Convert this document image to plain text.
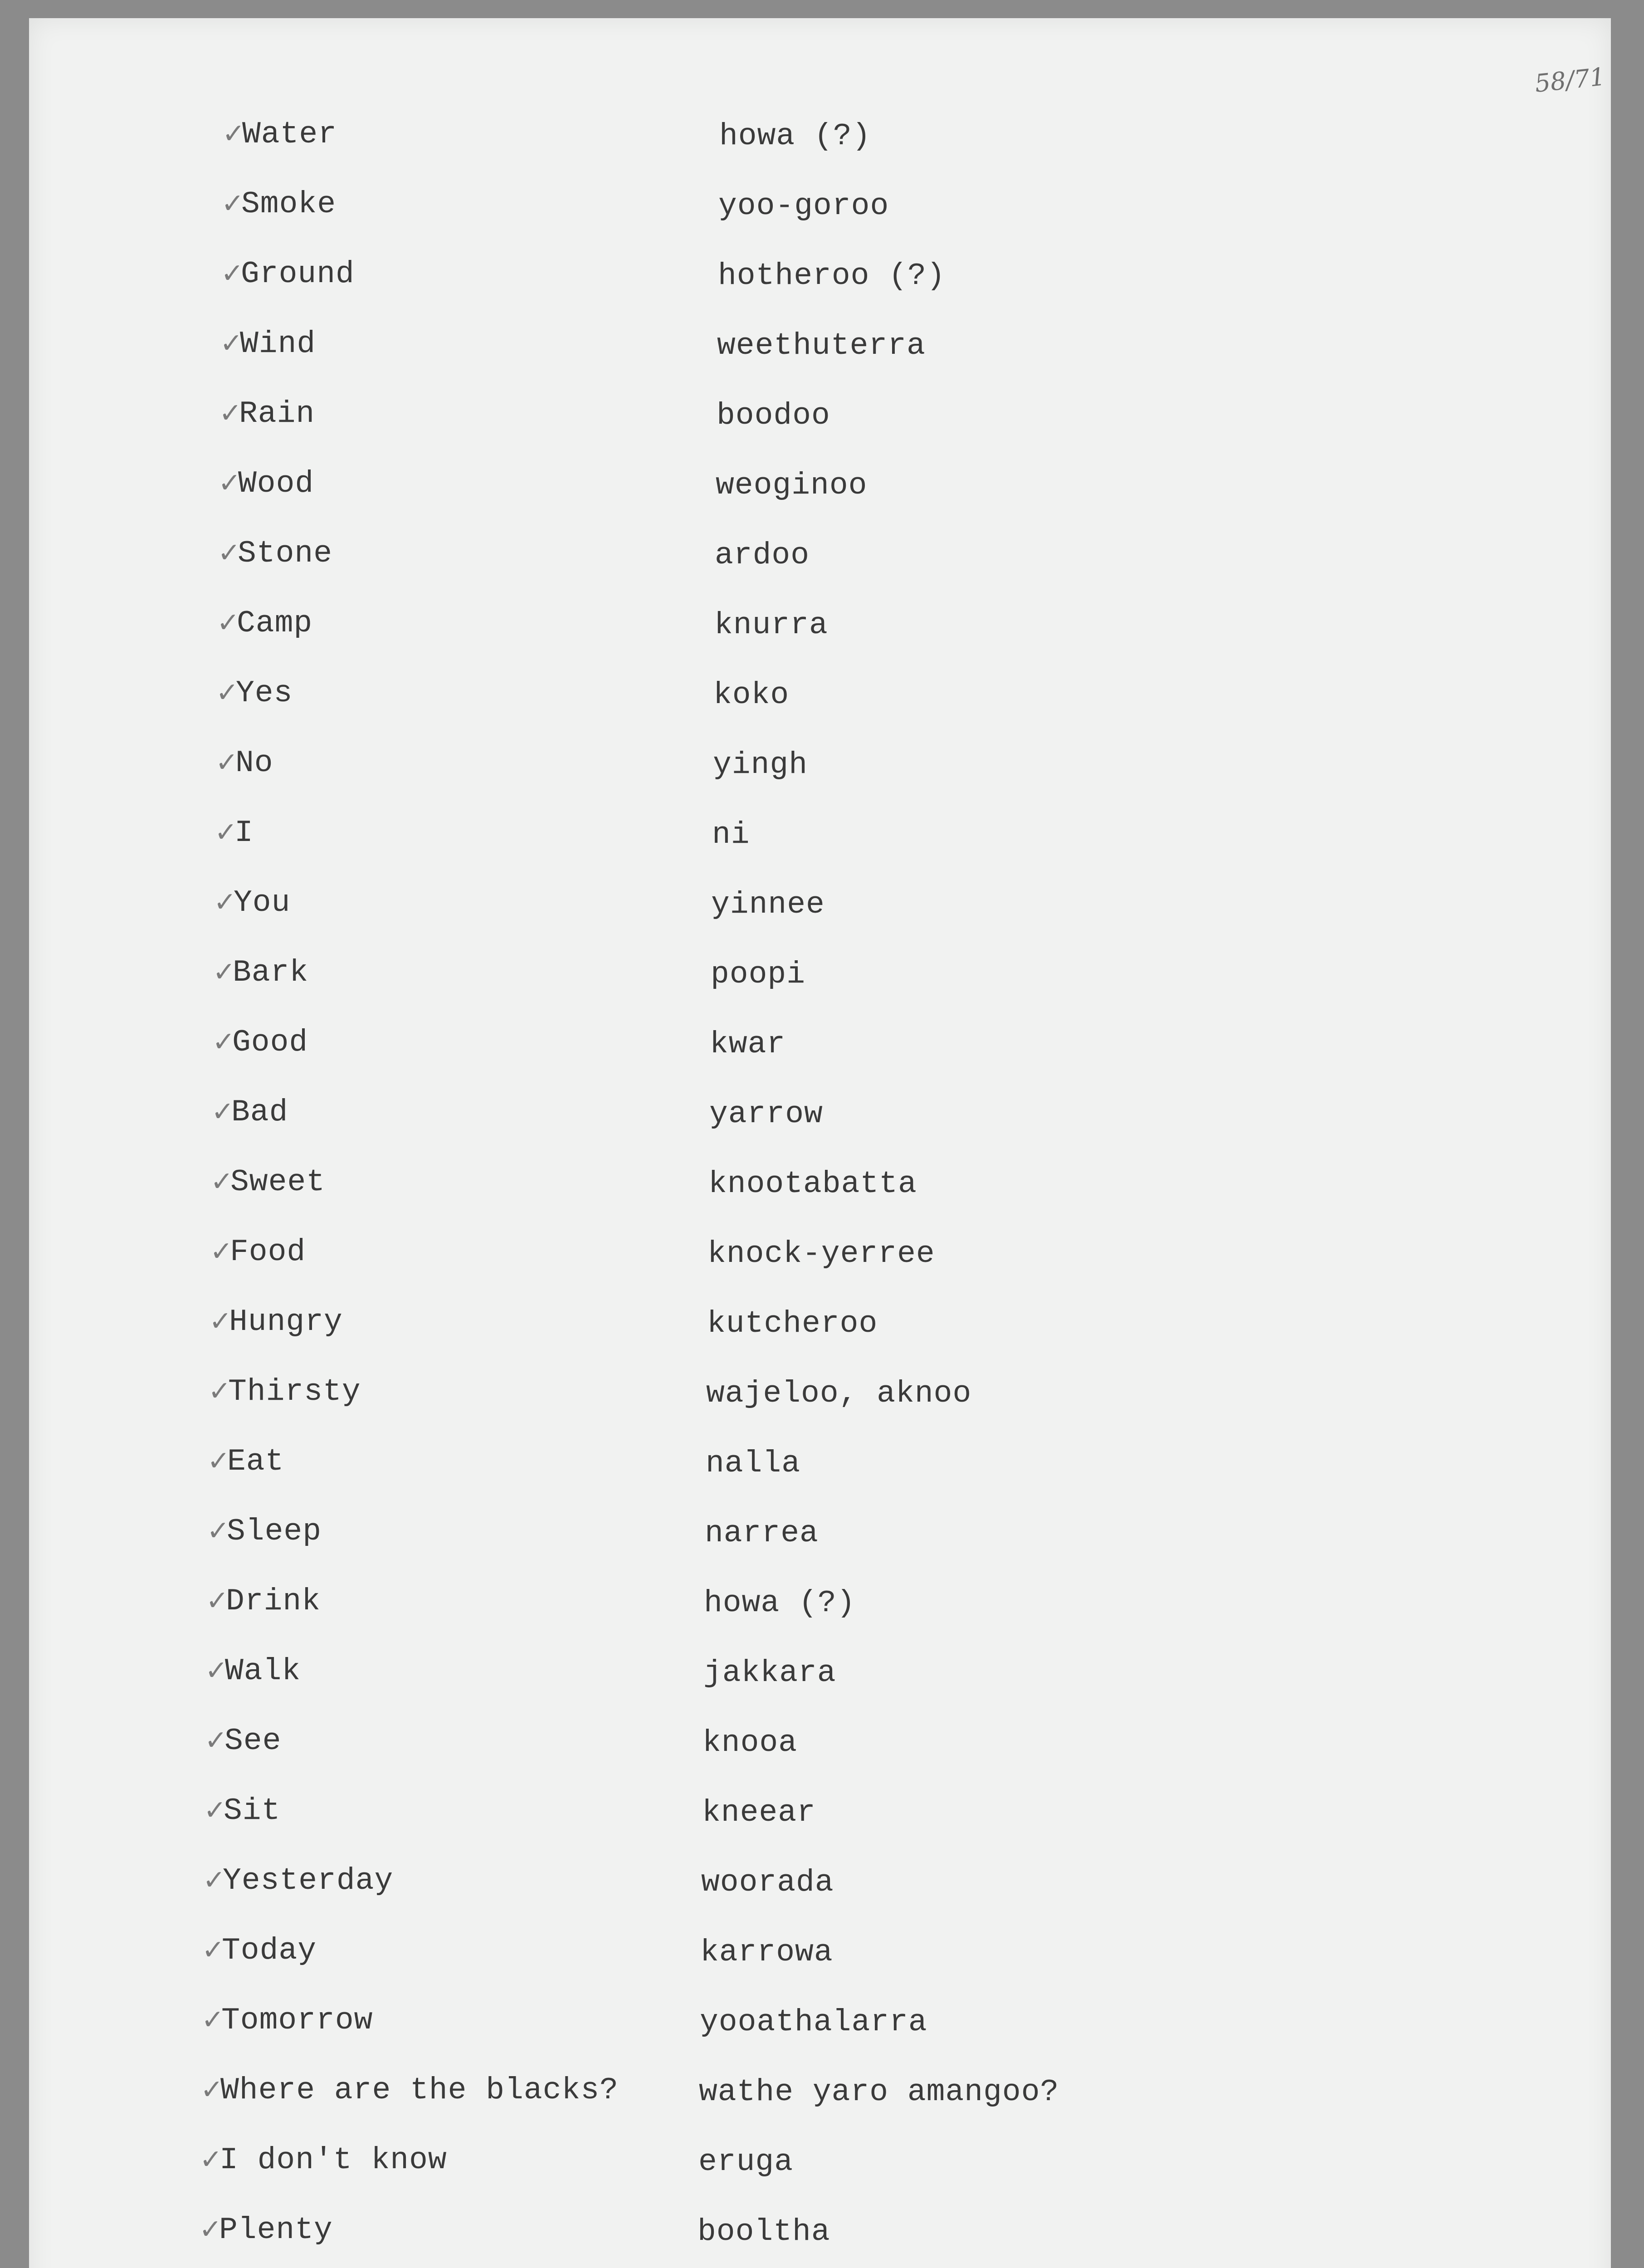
58/71
✓
Water	howa (?)
✓
Smoke	yoo-goroo
✓
Ground	hotheroo (?)
✓
Wind	weethuterra
✓
Rain	boodoo
✓
Wood	weoginoo
✓
Stone	ardoo
✓
Camp	knurra
✓
Yes	koko
✓
No	yingh
✓
I	ni
✓
You	yinnee
✓
Bark	poopi
✓
Good	kwar
✓
Bad	yarrow
✓
Sweet	knootabatta
✓
Food	knock-yerree
✓
Hungry	kutcheroo
✓
Thirsty	wajeloo, aknoo
✓
Eat	nalla
✓
Sleep	narrea
✓
Drink	howa (?)
✓
Walk	jakkara
✓
See	knooa
✓
Sit	kneear
✓
Yesterday	woorada
✓
Today	karrowa
✓
Tomorrow	yooathalarra
✓
Where are the blacks?	wathe yaro amangoo?
✓
I don't know	eruga
✓
Plenty	booltha
